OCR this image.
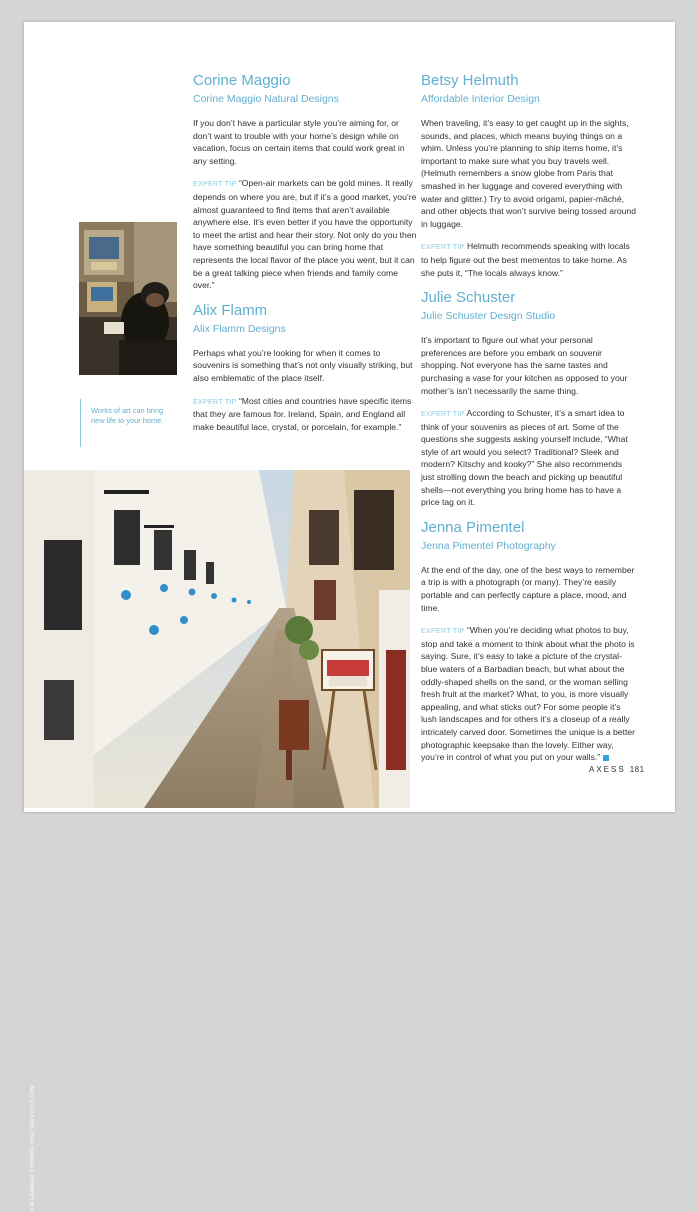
Works of art can bring new life to your home.
Corine Maggio
Corine Maggio Natural Designs

If you don’t have a particular style you’re aiming for, or don’t want to trouble with your home’s design while on vacation, focus on certain items that could work great in any setting.

EXPERT TIP “Open-air markets can be gold mines. It really depends on where you are, but if it’s a good market, you’re almost guaranteed to find items that aren’t available anywhere else. It’s even better if you have the opportunity to meet the artist and hear their story. Not only do you then have something beautiful you can bring home that represents the local flavor of the place you went, but it can be a great talking piece when friends and family come over.”

Alix Flamm
Alix Flamm Designs

Perhaps what you’re looking for when it comes to souvenirs is something that’s not only visually striking, but also emblematic of the place itself.

EXPERT TIP “Most cities and countries have specific items that they are famous for. Ireland, Spain, and England all make beautiful lace, crystal, or porcelain, for example.”

Betsy Helmuth
Affordable Interior Design

When traveling, it’s easy to get caught up in the sights, sounds, and places, which means buying things on a whim. Unless you’re planning to ship items home, it’s important to make sure what you buy travels well. (Helmuth remembers a snow globe from Paris that smashed in her luggage and covered everything with water and glitter.) Try to avoid origami, papier-mâché, and other objects that won’t survive being tossed around in luggage.

EXPERT TIP Helmuth recommends speaking with locals to help figure out the best mementos to take home. As she puts it, “The locals always know.”

Julie Schuster
Julie Schuster Design Studio

It’s important to figure out what your personal preferences are before you embark on souvenir shopping. Not everyone has the same tastes and purchasing a vase for your kitchen as opposed to your mother’s isn’t necessarily the same thing.

EXPERT TIP According to Schuster, it’s a smart idea to think of your souvenirs as pieces of art. Some of the questions she suggests asking yourself include, “What style of art would you select? Traditional? Sleek and modern? Kitschy and kooky?” She also recommends just strolling down the beach and picking up beautiful shells—not everything you bring home has to have a price tag on it.

Jenna Pimentel
Jenna Pimentel Photography

At the end of the day, one of the best ways to remember a trip is with a photograph (or many). They’re easily portable and can perfectly capture a place, mood, and time.

EXPERT TIP “When you’re deciding what photos to buy, stop and take a moment to think about what the photo is saying. Sure, it’s easy to take a picture of the crystal-blue waters of a Barbadian beach, but what about the oddly-shaped shells on the sand, or the woman selling fresh fruit at the market? What, to you, is more visually appealing, and what sticks out? For some people it’s lush landscapes and for others it’s a closeup of a really intricately carved door. Sometimes the unique is a better photographic keepsake than the lovely. Either way, you’re in control of what you put on your walls.”

© ALEXANDER TIHONOV/ SHUTTERSTOCK.COM
AXESS 181
